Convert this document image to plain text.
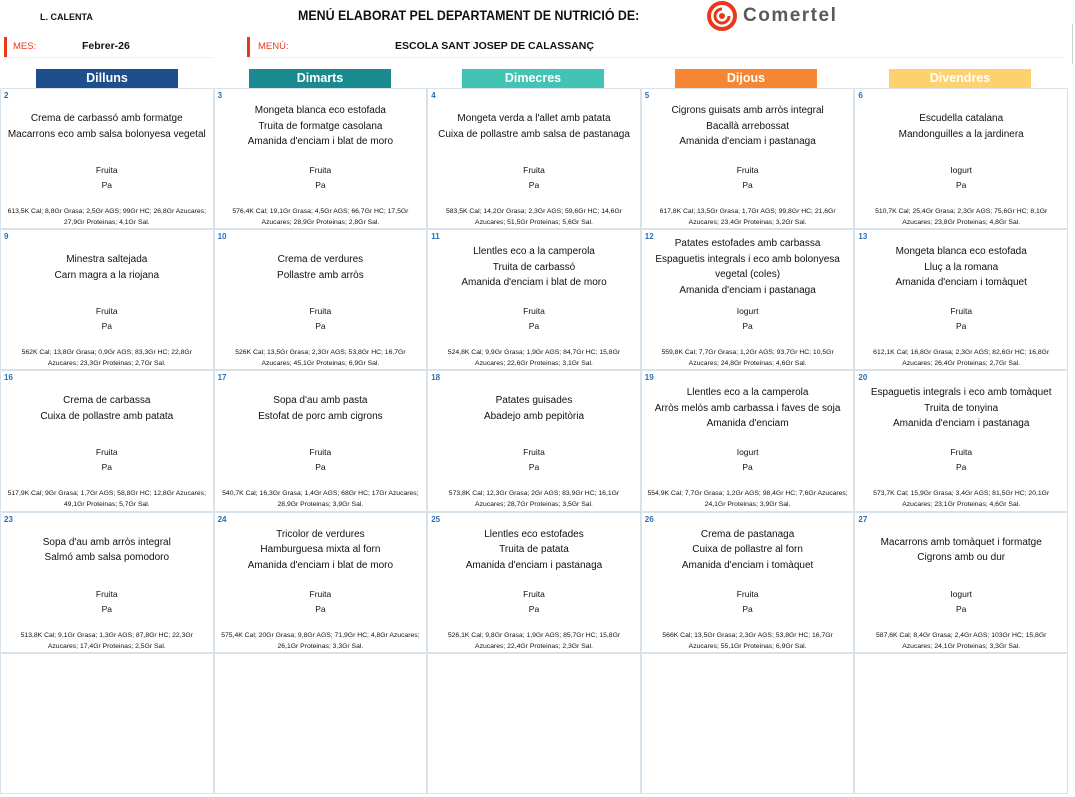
L. CALENTA	MENÚ ELABORAT PEL DEPARTAMENT DE NUTRICIÓ DE:	Comertel
MES:	Febrer-26	MENÚ:	ESCOLA SANT JOSEP DE CALASSANÇ
Dilluns	Dimarts	Dimecres	Dijous	Divendres
2
Crema de carbassó amb formatge
Macarrons eco amb salsa bolonyesa vegetal
Fruita
Pa
613,5K Cal; 8,8Gr Grasa; 2,5Gr AGS; 99Gr HC; 26,8Gr Azucares;
27,9Gr Proteinas; 4,1Gr Sal.
3
Mongeta blanca eco estofada
Truita de formatge casolana
Amanida d'enciam i blat de moro
Fruita
Pa
576,4K Cal; 19,1Gr Grasa; 4,5Gr AGS; 66,7Gr HC; 17,5Gr
Azucares; 28,9Gr Proteinas; 2,8Gr Sal.
4
Mongeta verda a l'allet amb patata
Cuixa de pollastre amb salsa de pastanaga
Fruita
Pa
583,5K Cal; 14,2Gr Grasa; 2,3Gr AGS; 59,6Gr HC; 14,6Gr
Azucares; 51,5Gr Proteinas; 5,6Gr Sal.
5
Cigrons guisats amb arròs integral
Bacallà arrebossat
Amanida d'enciam i pastanaga
Fruita
Pa
617,8K Cal; 13,5Gr Grasa; 1,7Gr AGS; 99,8Gr HC; 21,6Gr
Azucares; 23,4Gr Proteinas; 3,2Gr Sal.
6
Escudella catalana
Mandonguilles a la jardinera
Iogurt
Pa
510,7K Cal; 25,4Gr Grasa; 2,3Gr AGS; 75,6Gr HC; 8,1Gr
Azucares; 23,8Gr Proteinas; 4,8Gr Sal.
9
Minestra saltejada
Carn magra a la riojana
Fruita
Pa
562K Cal; 13,8Gr Grasa; 0,9Gr AGS; 83,3Gr HC; 22,8Gr
Azucares; 23,3Gr Proteinas; 2,7Gr Sal.
10
Crema de verdures
Pollastre amb arròs
Fruita
Pa
526K Cal; 13,5Gr Grasa; 2,3Gr AGS; 53,8Gr HC; 16,7Gr
Azucares; 45,1Gr Proteinas; 6,9Gr Sal.
11
Llentles eco a la camperola
Truita de carbassó
Amanida d'enciam i blat de moro
Fruita
Pa
524,8K Cal; 9,9Gr Grasa; 1,9Gr AGS; 84,7Gr HC; 15,8Gr
Azucares; 22,6Gr Proteinas; 3,1Gr Sal.
12
Patates estofades amb carbassa
Espaguetis integrals i eco amb bolonyesa
vegetal (coles)
Amanida d'enciam i pastanaga
Iogurt
Pa
559,8K Cal; 7,7Gr Grasa; 1,2Gr AGS; 93,7Gr HC; 10,5Gr
Azucares; 24,8Gr Proteinas; 4,6Gr Sal.
13
Mongeta blanca eco estofada
Lluç a la romana
Amanida d'enciam i tomàquet
Fruita
Pa
612,1K Cal; 16,8Gr Grasa; 2,3Gr AGS; 82,6Gr HC; 16,8Gr
Azucares; 26,4Gr Proteinas; 2,7Gr Sal.
16
Crema de carbassa
Cuixa de pollastre amb patata
Fruita
Pa
517,9K Cal; 9Gr Grasa; 1,7Gr AGS; 58,8Gr HC; 12,8Gr Azucares;
49,1Gr Proteinas; 5,7Gr Sal.
17
Sopa d'au amb pasta
Estofat de porc amb cigrons
Fruita
Pa
540,7K Cal; 16,3Gr Grasa; 1,4Gr AGS; 68Gr HC; 17Gr Azucares;
28,9Gr Proteinas; 3,9Gr Sal.
18
Patates guisades
Abadejo amb pepitòria
Fruita
Pa
573,8K Cal; 12,3Gr Grasa; 2Gr AGS; 83,9Gr HC; 16,1Gr
Azucares; 28,7Gr Proteinas; 3,5Gr Sal.
19
Llentles eco a la camperola
Arròs melós amb carbassa i faves de soja
Amanida d'enciam
Iogurt
Pa
554,9K Cal; 7,7Gr Grasa; 1,2Gr AGS; 98,4Gr HC; 7,6Gr Azucares;
24,1Gr Proteinas; 3,9Gr Sal.
20
Espaguetis integrals i eco amb tomàquet
Truita de tonyina
Amanida d'enciam i pastanaga
Fruita
Pa
573,7K Cal; 15,9Gr Grasa; 3,4Gr AGS; 81,5Gr HC; 20,1Gr
Azucares; 23,1Gr Proteinas; 4,6Gr Sal.
23
Sopa d'au amb arròs integral
Salmó amb salsa pomodoro
Fruita
Pa
513,8K Cal; 9,1Gr Grasa; 1,3Gr AGS; 87,8Gr HC; 22,3Gr
Azucares; 17,4Gr Proteinas; 2,5Gr Sal.
24
Tricolor de verdures
Hamburguesa mixta al forn
Amanida d'enciam i blat de moro
Fruita
Pa
575,4K Cal; 20Gr Grasa; 9,8Gr AGS; 71,9Gr HC; 4,8Gr Azucares;
26,1Gr Proteinas; 3,3Gr Sal.
25
Llentles eco estofades
Truita de patata
Amanida d'enciam i pastanaga
Fruita
Pa
526,1K Cal; 9,8Gr Grasa; 1,9Gr AGS; 85,7Gr HC; 15,8Gr
Azucares; 22,4Gr Proteinas; 2,3Gr Sal.
26
Crema de pastanaga
Cuixa de pollastre al forn
Amanida d'enciam i tomàquet
Fruita
Pa
566K Cal; 13,5Gr Grasa; 2,3Gr AGS; 53,8Gr HC; 16,7Gr
Azucares; 55,1Gr Proteinas; 6,9Gr Sal.
27
Macarrons amb tomàquet i formatge
Cigrons amb ou dur
Iogurt
Pa
587,6K Cal; 8,4Gr Grasa; 2,4Gr AGS; 103Gr HC; 15,8Gr
Azucares; 24,1Gr Proteinas; 3,3Gr Sal.
